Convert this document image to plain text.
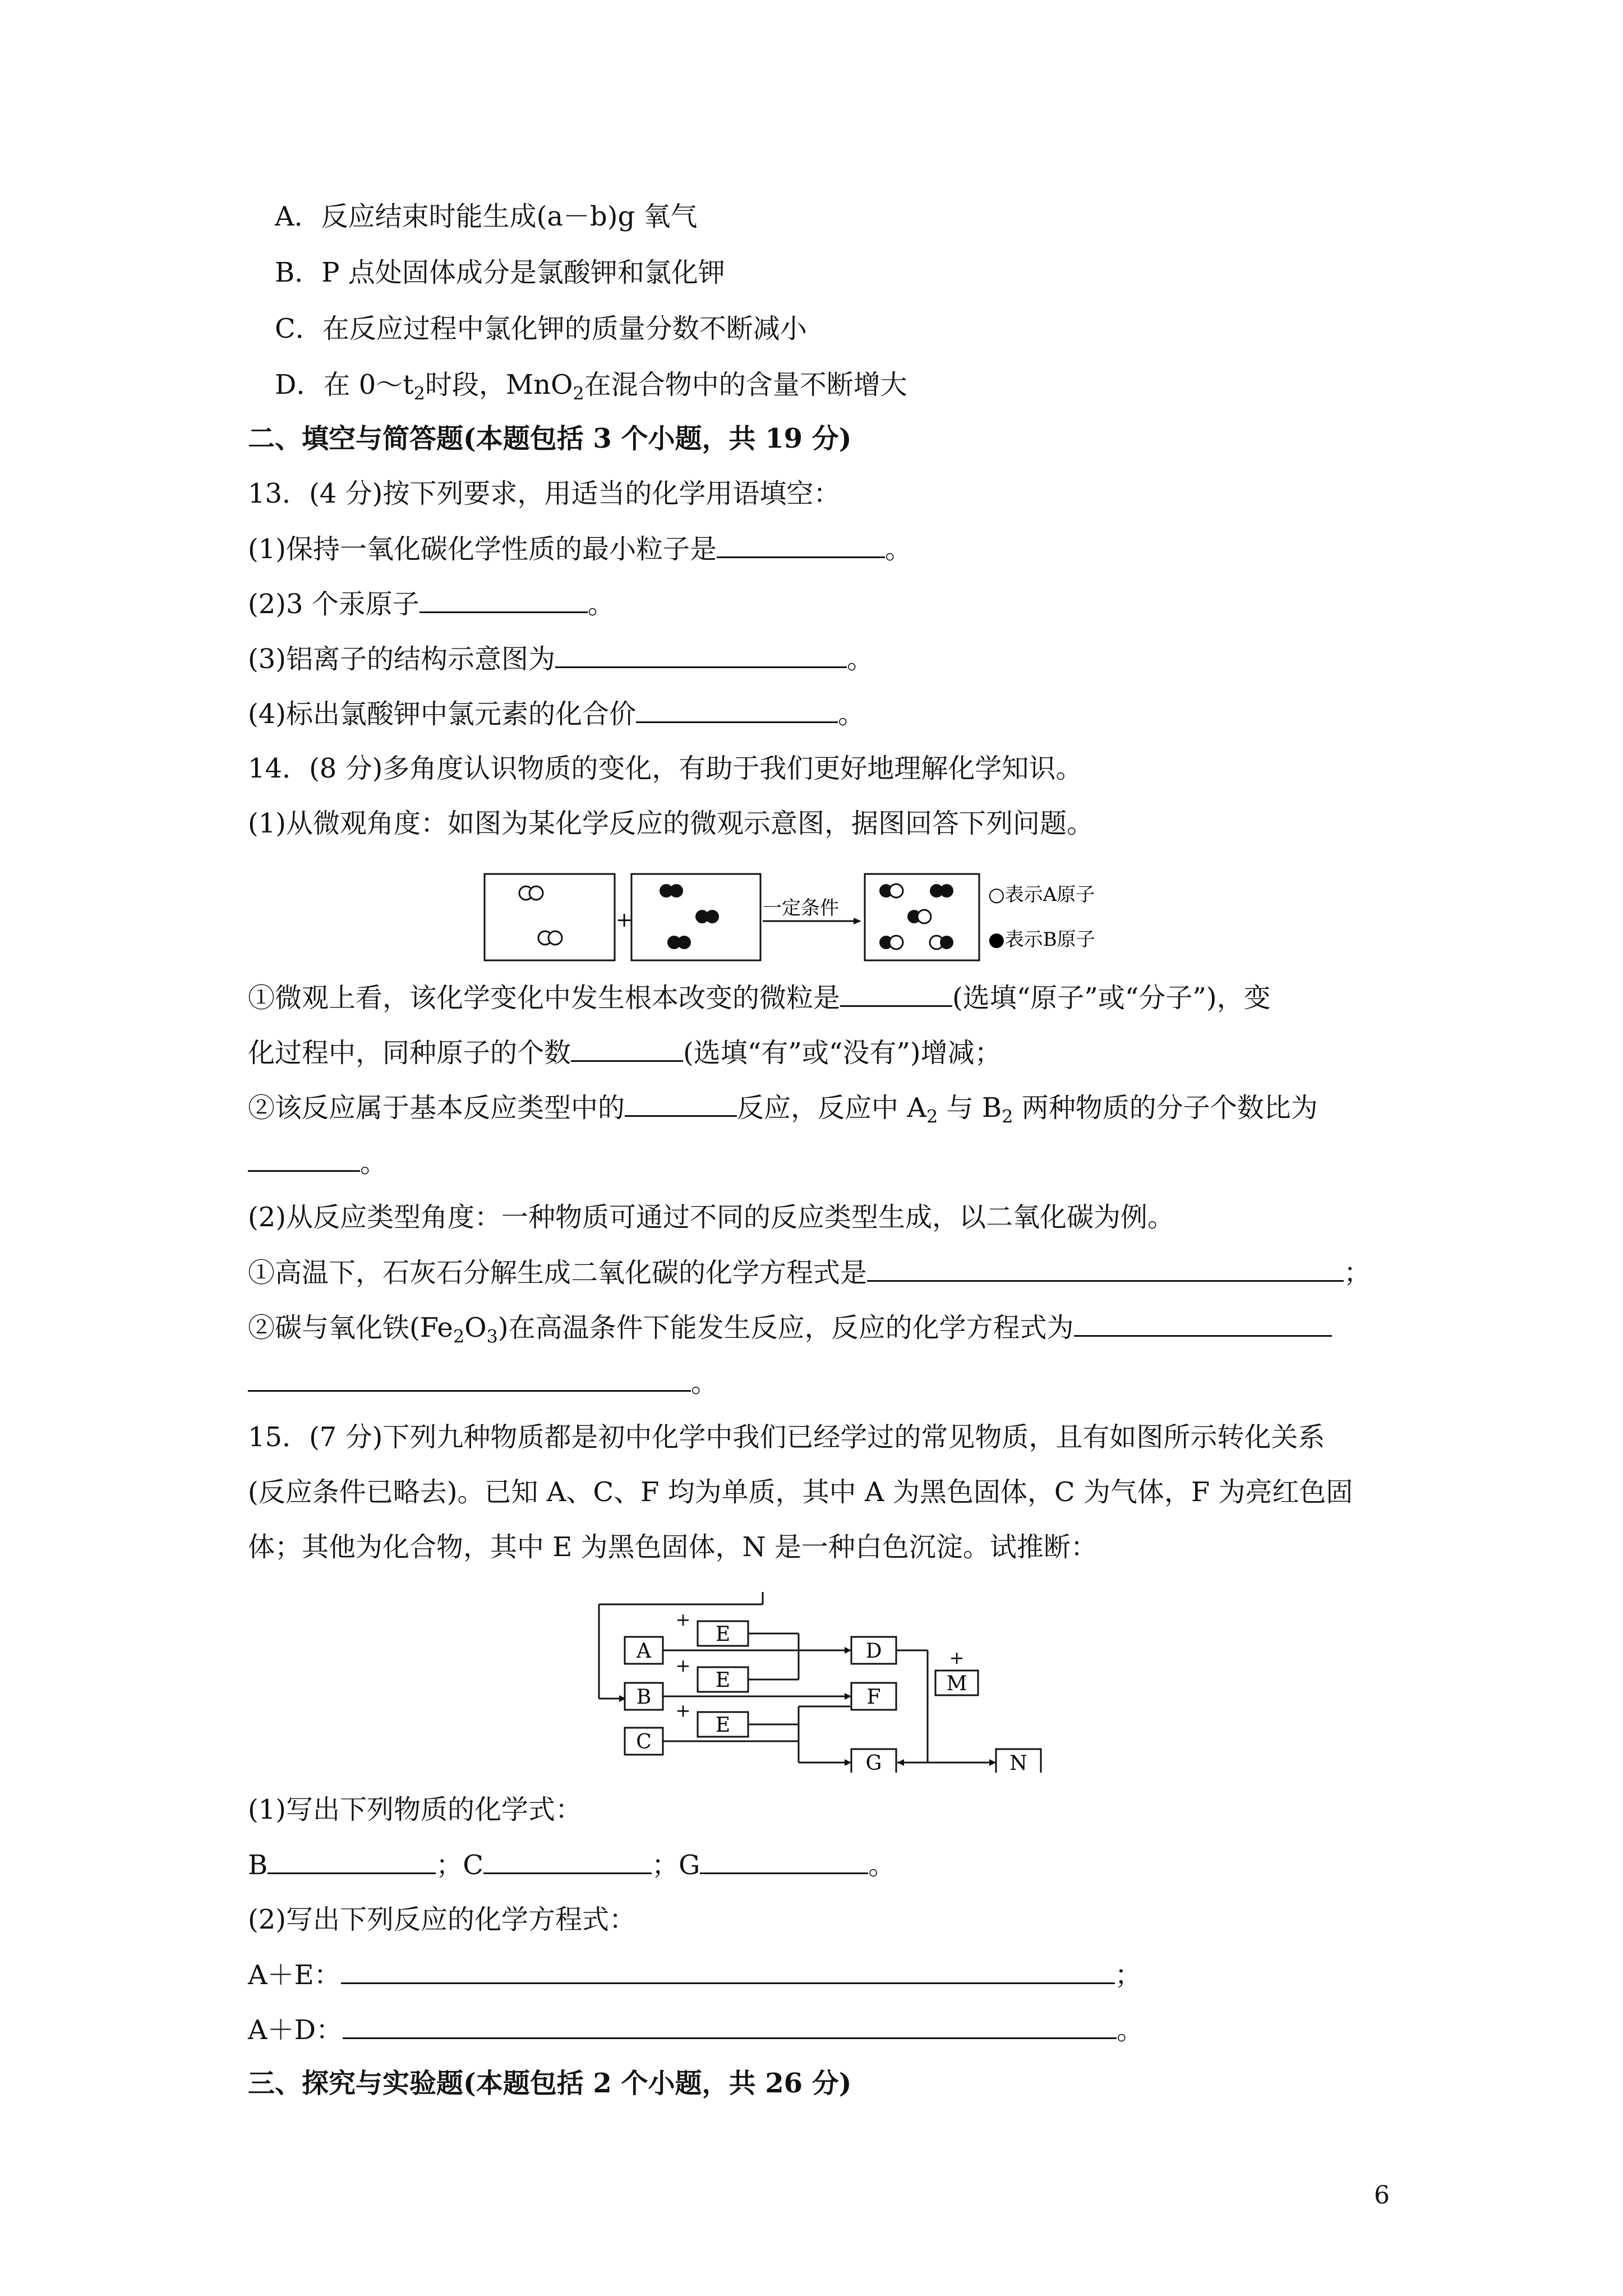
A．反应结束时能生成(a－b)g 氧气
B．P 点处固体成分是氯酸钾和氯化钾
C．在反应过程中氯化钾的质量分数不断减小
D．在 $0\sim t_2$时段，MnO$_2$在混合物中的含量不断增大
二、填空与简答题(本题包括 3 个小题，共 19 分)
13．(4 分)按下列要求，用适当的化学用语填空：
(1)保持一氧化碳化学性质的最小粒子是	。
(2)3 个汞原子	。
(3)铝离子的结构示意图为	。
(4)标出氯酸钾中氯元素的化合价	。
14．(8 分)多角度认识物质的变化，有助于我们更好地理解化学知识。
(1)从微观角度：如图为某化学反应的微观示意图，据图回答下列问题。
+
一定条件
○表示A原子
●表示B原子
①微观上看，该化学变化中发生根本改变的微粒是	(选填“原子”或“分子”)，变
化过程中，同种原子的个数	(选填“有”或“没有”)增减；
②该反应属于基本反应类型中的	反应，反应中 $A_2$ 与 $B_2$ 两种物质的分子个数比为
。
(2)从反应类型角度：一种物质可通过不同的反应类型生成，以二氧化碳为例。
①高温下，石灰石分解生成二氧化碳的化学方程式是	；
②碳与氧化铁$(Fe_2O_3)$在高温条件下能发生反应，反应的化学方程式为
。
15．(7 分)下列九种物质都是初中化学中我们已经学过的常见物质，且有如图所示转化关系
(反应条件已略去)。已知 A、C、F 均为单质，其中 A 为黑色固体，C 为气体，F 为亮红色固
体；其他为化合物，其中 E 为黑色固体，N 是一种白色沉淀。试推断：
A
B
C
E
E
E
D
F
G
M
N
+
+
+
+
(1)写出下列物质的化学式：
B	；C	；G	。
(2)写出下列反应的化学方程式：
A＋E：	；
A＋D：	。
三、探究与实验题(本题包括 2 个小题，共 26 分)
6
